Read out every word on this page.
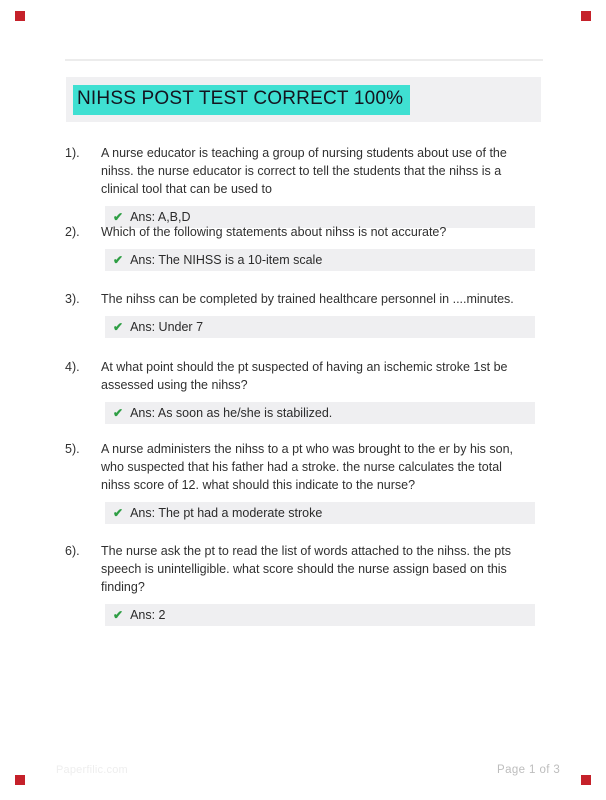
NIHSS POST TEST CORRECT 100%
1).	A nurse educator is teaching a group of nursing students about use of the nihss. the nurse educator is correct to tell the students that the nihss is a clinical tool that can be used to
✔ Ans: A,B,D
2).	Which of the following statements about nihss is not accurate?
✔ Ans: The NIHSS is a 10-item scale
3).	The nihss can be completed by trained healthcare personnel in ....minutes.
✔ Ans: Under 7
4).	At what point should the pt suspected of having an ischemic stroke 1st be assessed using the nihss?
✔ Ans: As soon as he/she is stabilized.
5).	A nurse administers the nihss to a pt who was brought to the er by his son, who suspected that his father had a stroke. the nurse calculates the total nihss score of 12. what should this indicate to the nurse?
✔ Ans: The pt had a moderate stroke
6).	The nurse ask the pt to read the list of words attached to the nihss. the pts speech is unintelligible. what score should the nurse assign based on this finding?
✔ Ans: 2
Paperfilic.com	Page 1 of 3
